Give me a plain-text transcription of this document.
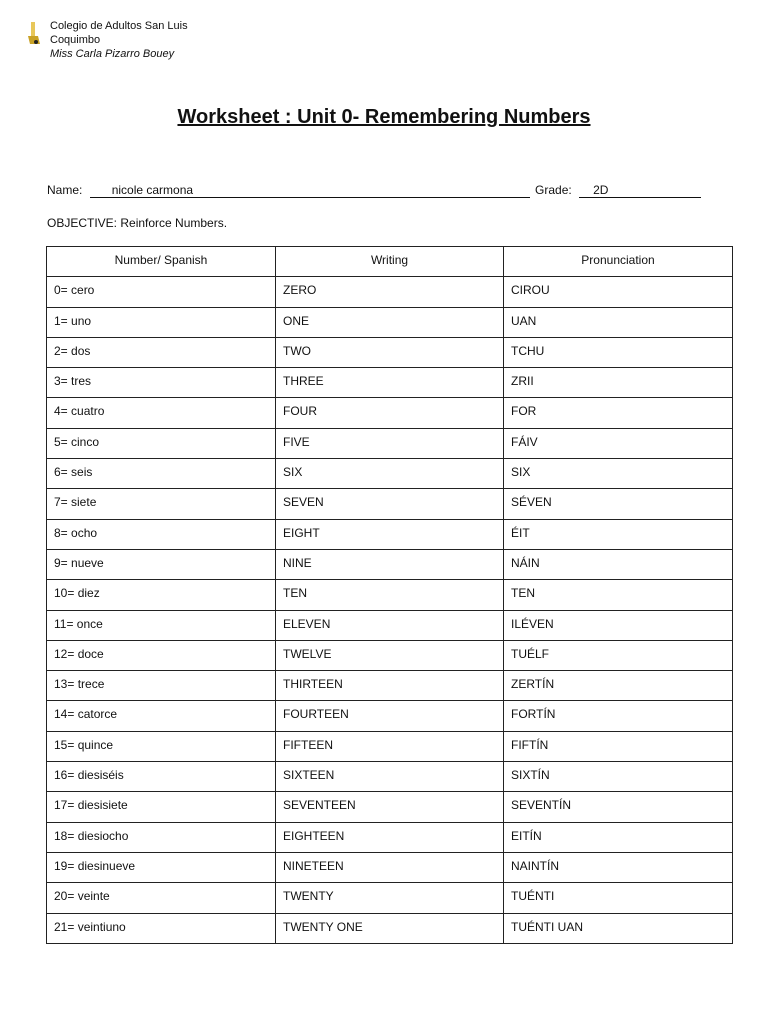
Colegio de Adultos San Luis
Coquimbo
Miss Carla Pizarro Bouey
Worksheet : Unit 0- Remembering Numbers
Name: nicole carmona	Grade: 2D
OBJECTIVE: Reinforce Numbers.
Number/ Spanish	Writing	Pronunciation
0= cero	ZERO	CIROU
1= uno	ONE	UAN
2= dos	TWO	TCHU
3= tres	THREE	ZRII
4= cuatro	FOUR	FOR
5= cinco	FIVE	FÁIV
6= seis	SIX	SIX
7= siete	SEVEN	SÉVEN
8= ocho	EIGHT	ÉIT
9= nueve	NINE	NÁIN
10= diez	TEN	TEN
11= once	ELEVEN	ILÉVEN
12= doce	TWELVE	TUÉLF
13= trece	THIRTEEN	ZERTÍN
14= catorce	FOURTEEN	FORTÍN
15= quince	FIFTEEN	FIFTÍN
16= diesiséis	SIXTEEN	SIXTÍN
17= diesisiete	SEVENTEEN	SEVENTÍN
18= diesiocho	EIGHTEEN	EITÍN
19= diesinueve	NINETEEN	NAINTÍN
20= veinte	TWENTY	TUÉNTI
21= veintiuno	TWENTY ONE	TUÉNTI UAN
